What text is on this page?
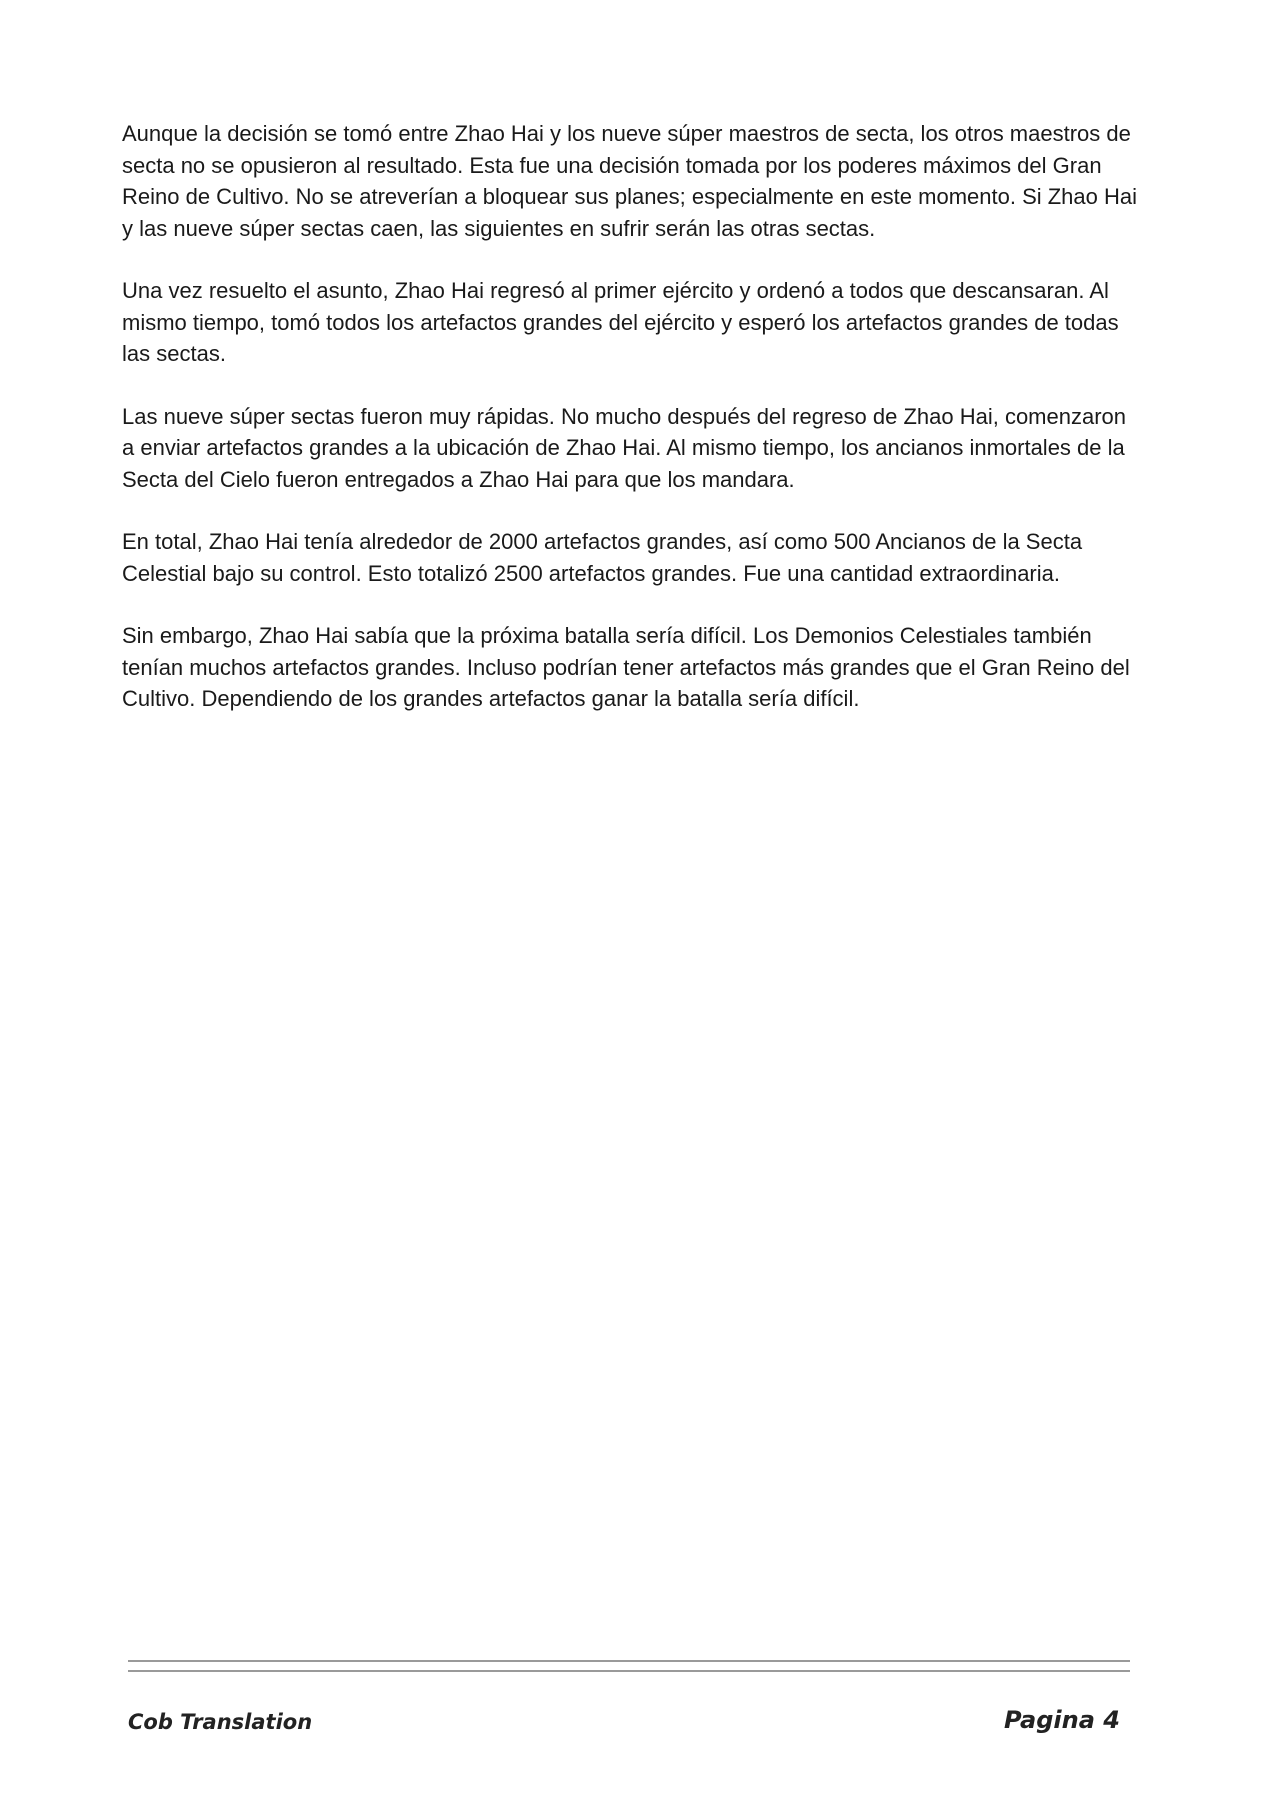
Aunque la decisión se tomó entre Zhao Hai y los nueve súper maestros de secta, los otros maestros de secta no se opusieron al resultado. Esta fue una decisión tomada por los poderes máximos del Gran Reino de Cultivo. No se atreverían a bloquear sus planes; especialmente en este momento. Si Zhao Hai y las nueve súper sectas caen, las siguientes en sufrir serán las otras sectas.

Una vez resuelto el asunto, Zhao Hai regresó al primer ejército y ordenó a todos que descansaran. Al mismo tiempo, tomó todos los artefactos grandes del ejército y esperó los artefactos grandes de todas las sectas.

Las nueve súper sectas fueron muy rápidas. No mucho después del regreso de Zhao Hai, comenzaron a enviar artefactos grandes a la ubicación de Zhao Hai. Al mismo tiempo, los ancianos inmortales de la Secta del Cielo fueron entregados a Zhao Hai para que los mandara.

En total, Zhao Hai tenía alrededor de 2000 artefactos grandes, así como 500 Ancianos de la Secta Celestial bajo su control. Esto totalizó 2500 artefactos grandes. Fue una cantidad extraordinaria.

Sin embargo, Zhao Hai sabía que la próxima batalla sería difícil. Los Demonios Celestiales también tenían muchos artefactos grandes. Incluso podrían tener artefactos más grandes que el Gran Reino del Cultivo. Dependiendo de los grandes artefactos ganar la batalla sería difícil.

Cob Translation	Pagina 4
